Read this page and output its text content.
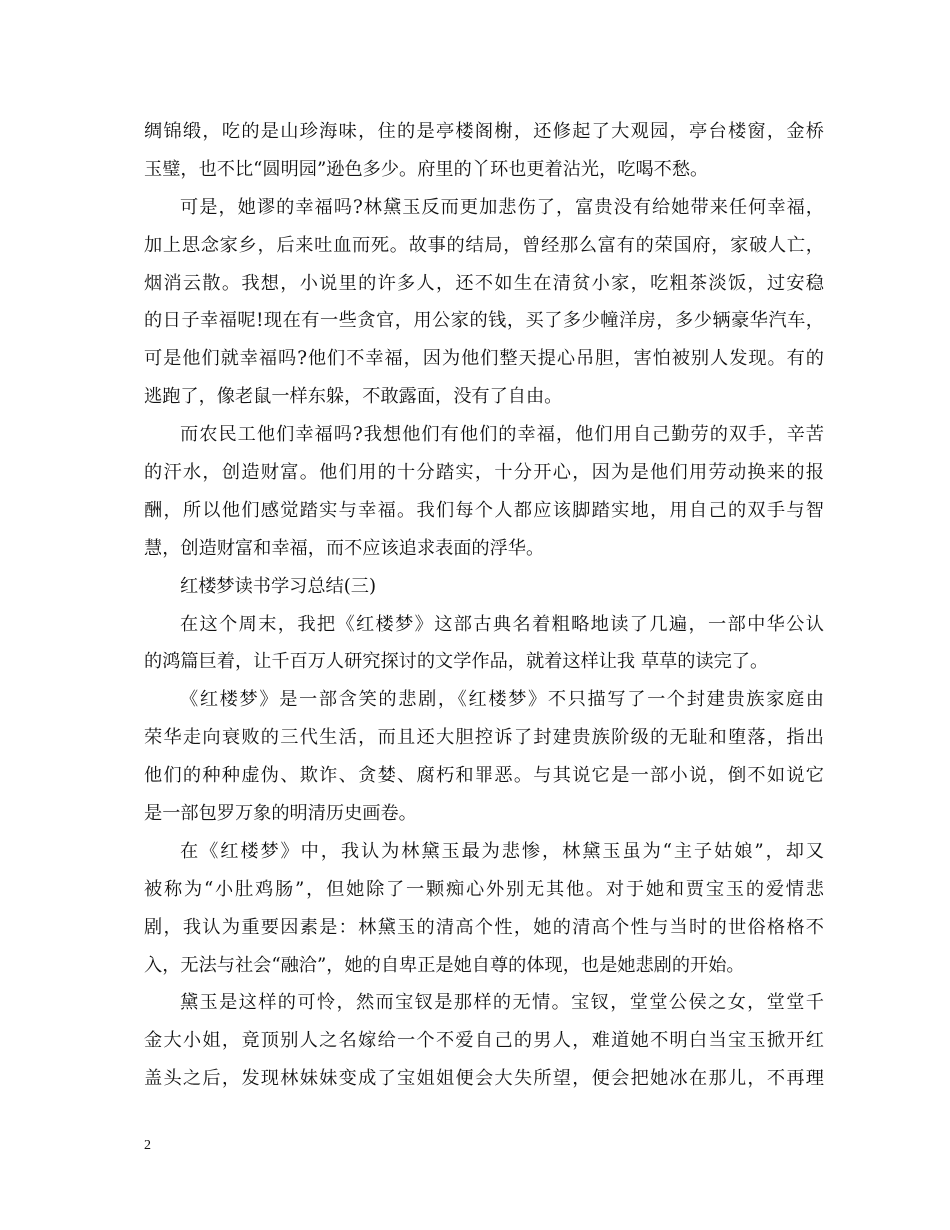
绸锦缎，吃的是山珍海味，住的是亭楼阁榭，还修起了大观园，亭台楼窗，金桥
玉璧，也不比“圆明园”逊色多少。府里的丫环也更着沾光，吃喝不愁。
可是，她谬的幸福吗?林黛玉反而更加悲伤了，富贵没有给她带来任何幸福，
加上思念家乡，后来吐血而死。故事的结局，曾经那么富有的荣国府，家破人亡，
烟消云散。我想，小说里的许多人，还不如生在清贫小家，吃粗茶淡饭，过安稳
的日子幸福呢!现在有一些贪官，用公家的钱，买了多少幢洋房，多少辆豪华汽车，
可是他们就幸福吗?他们不幸福，因为他们整天提心吊胆，害怕被别人发现。有的
逃跑了，像老鼠一样东躲，不敢露面，没有了自由。
而农民工他们幸福吗?我想他们有他们的幸福，他们用自己勤劳的双手，辛苦
的汗水，创造财富。他们用的十分踏实，十分开心，因为是他们用劳动换来的报
酬，所以他们感觉踏实与幸福。我们每个人都应该脚踏实地，用自己的双手与智
慧，创造财富和幸福，而不应该追求表面的浮华。
红楼梦读书学习总结(三)
在这个周末，我把《红楼梦》这部古典名着粗略地读了几遍，一部中华公认
的鸿篇巨着，让千百万人研究探讨的文学作品，就着这样让我 草草的读完了。
《红楼梦》是一部含笑的悲剧，《红楼梦》不只描写了一个封建贵族家庭由
荣华走向衰败的三代生活，而且还大胆控诉了封建贵族阶级的无耻和堕落，指出
他们的种种虚伪、欺诈、贪婪、腐朽和罪恶。与其说它是一部小说，倒不如说它
是一部包罗万象的明清历史画卷。
在《红楼梦》中，我认为林黛玉最为悲惨，林黛玉虽为“主子姑娘”，却又
被称为“小肚鸡肠”，但她除了一颗痴心外别无其他。对于她和贾宝玉的爱情悲
剧，我认为重要因素是：林黛玉的清高个性，她的清高个性与当时的世俗格格不
入，无法与社会“融洽”，她的自卑正是她自尊的体现，也是她悲剧的开始。
黛玉是这样的可怜，然而宝钗是那样的无情。宝钗，堂堂公侯之女，堂堂千
金大小姐，竟顶别人之名嫁给一个不爱自己的男人，难道她不明白当宝玉掀开红
盖头之后，发现林妹妹变成了宝姐姐便会大失所望，便会把她冰在那儿，不再理
2
